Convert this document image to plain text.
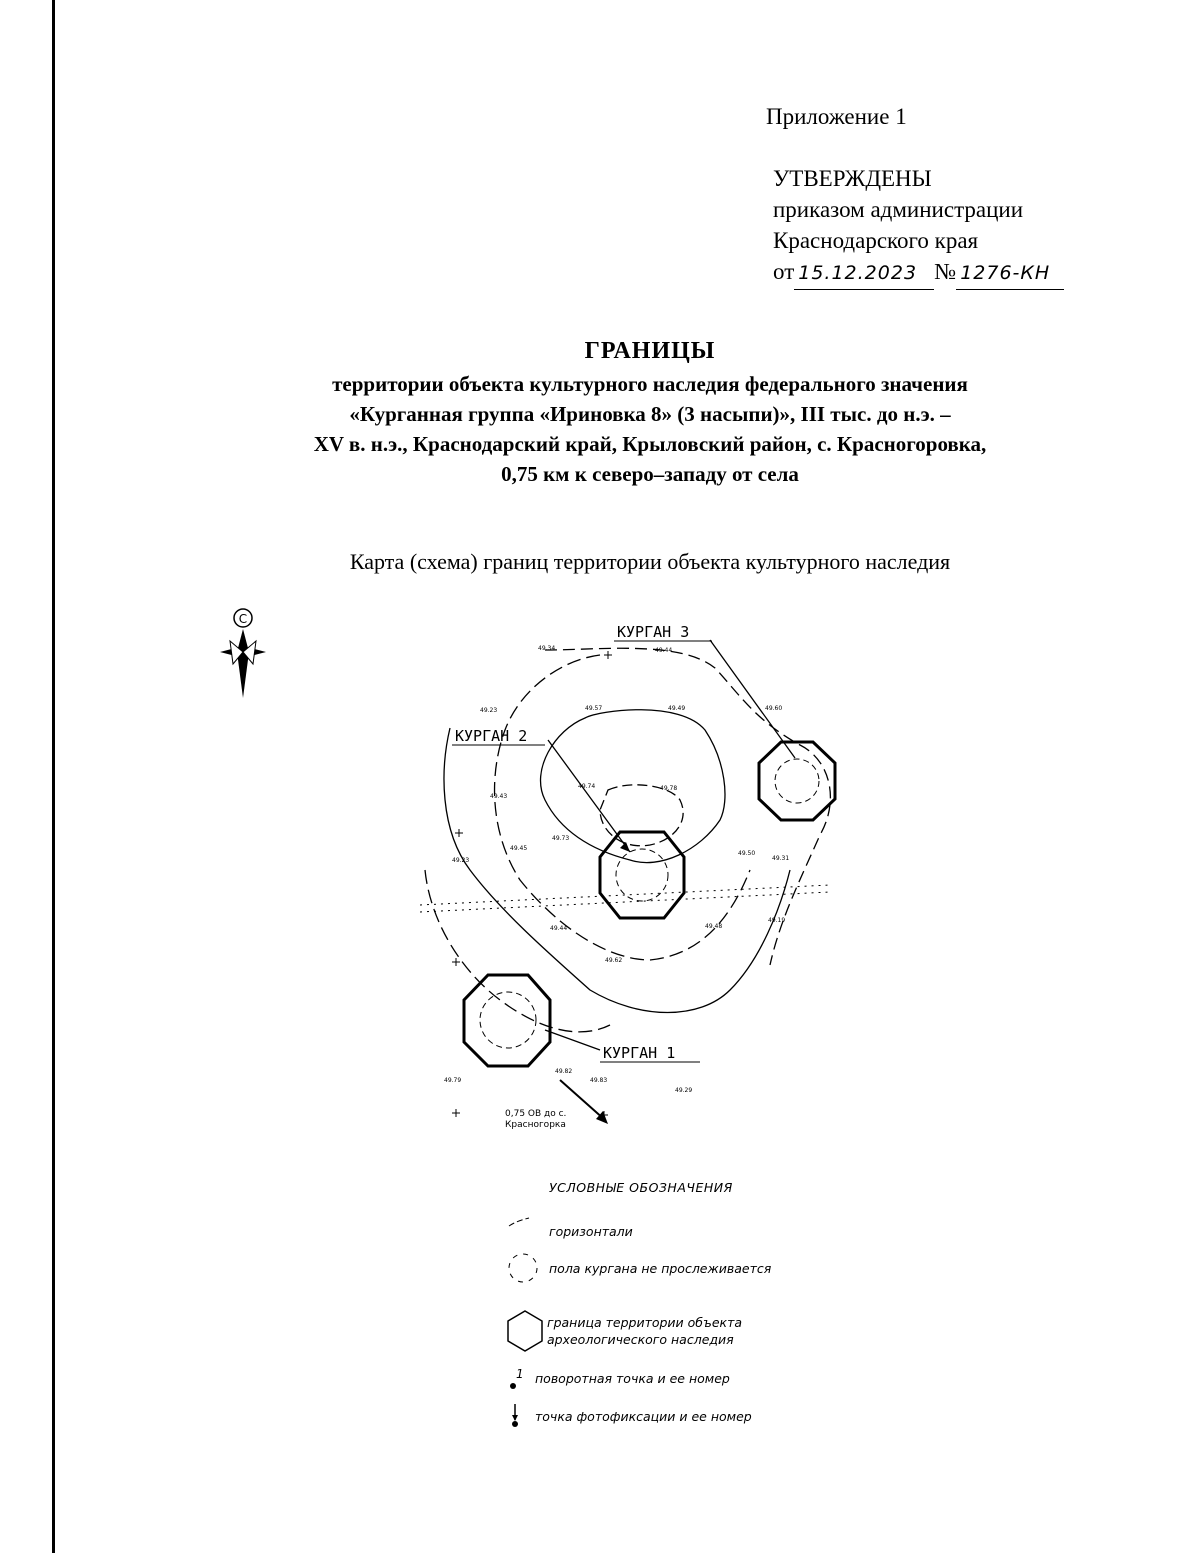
Приложение 1
УТВЕРЖДЕНЫ
приказом администрации
Краснодарского края
от 15.12.2023 № 1276-КН
ГРАНИЦЫ
территории объекта культурного наследия федерального значения
«Курганная группа «Ириновка 8» (3 насыпи)», III тыс. до н.э. –
XV в. н.э., Краснодарский край, Крыловский район, с. Красногоровка,
0,75 км к северо–западу от села
Карта (схема) границ территории объекта культурного наследия
С
КУРГАН 2
КУРГАН 3
КУРГАН 1
0,75 ОВ до с.
Красногорка
49.34	49.44
49.23	49.57	49.49	49.60
49.43
49.74	49.78
49.73
49.45
49.50
49.31
49.19
49.44	49.48
49.23
49.62
49.79
49.82
49.83
49.29
УСЛОВНЫЕ ОБОЗНАЧЕНИЯ
горизонтали
пола кургана не прослеживается
граница территории объекта
археологического наследия
1 поворотная точка и ее номер
точка фотофиксации и ее номер
